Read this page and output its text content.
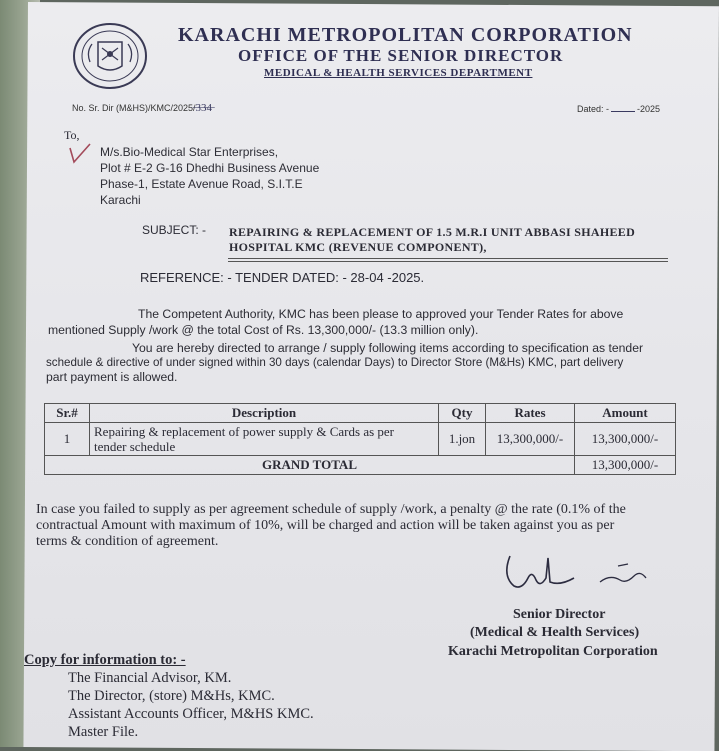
KARACHI METROPOLITAN CORPORATION
OFFICE OF THE SENIOR DIRECTOR
MEDICAL & HEALTH SERVICES DEPARTMENT
No. Sr. Dir (M&HS)/KMC/2025/̶3̶3̶4̶	Dated: -	-2025
To,
M/s.Bio-Medical Star Enterprises,
Plot # E-2 G-16 Dhedhi Business Avenue
Phase-1, Estate Avenue Road, S.I.T.E
Karachi
SUBJECT: - REPAIRING & REPLACEMENT OF 1.5 M.R.I UNIT ABBASI SHAHEED
HOSPITAL KMC (REVENUE COMPONENT),
REFERENCE: - TENDER DATED: - 28-04 -2025.
The Competent Authority, KMC has been please to approved your Tender Rates for above
mentioned Supply /work @ the total Cost of Rs. 13,300,000/- (13.3 million only).
You are hereby directed to arrange / supply following items according to specification as tender
schedule & directive of under signed within 30 days (calendar Days) to Director Store (M&Hs) KMC, part delivery
part payment is allowed.
Sr.#	Description	Qty	Rates	Amount
1	Repairing & replacement of power supply & Cards as per
tender schedule	1.jon	13,300,000/-	13,300,000/-
GRAND TOTAL				13,300,000/-
In case you failed to supply as per agreement schedule of supply /work, a penalty @ the rate (0.1% of the
contractual Amount with maximum of 10%, will be charged and action will be taken against you as per
terms & condition of agreement.
Senior Director
(Medical & Health Services)
Karachi Metropolitan Corporation
Copy for information to: -
The Financial Advisor, KM.
The Director, (store) M&Hs, KMC.
Assistant Accounts Officer, M&HS KMC.
Master File.
